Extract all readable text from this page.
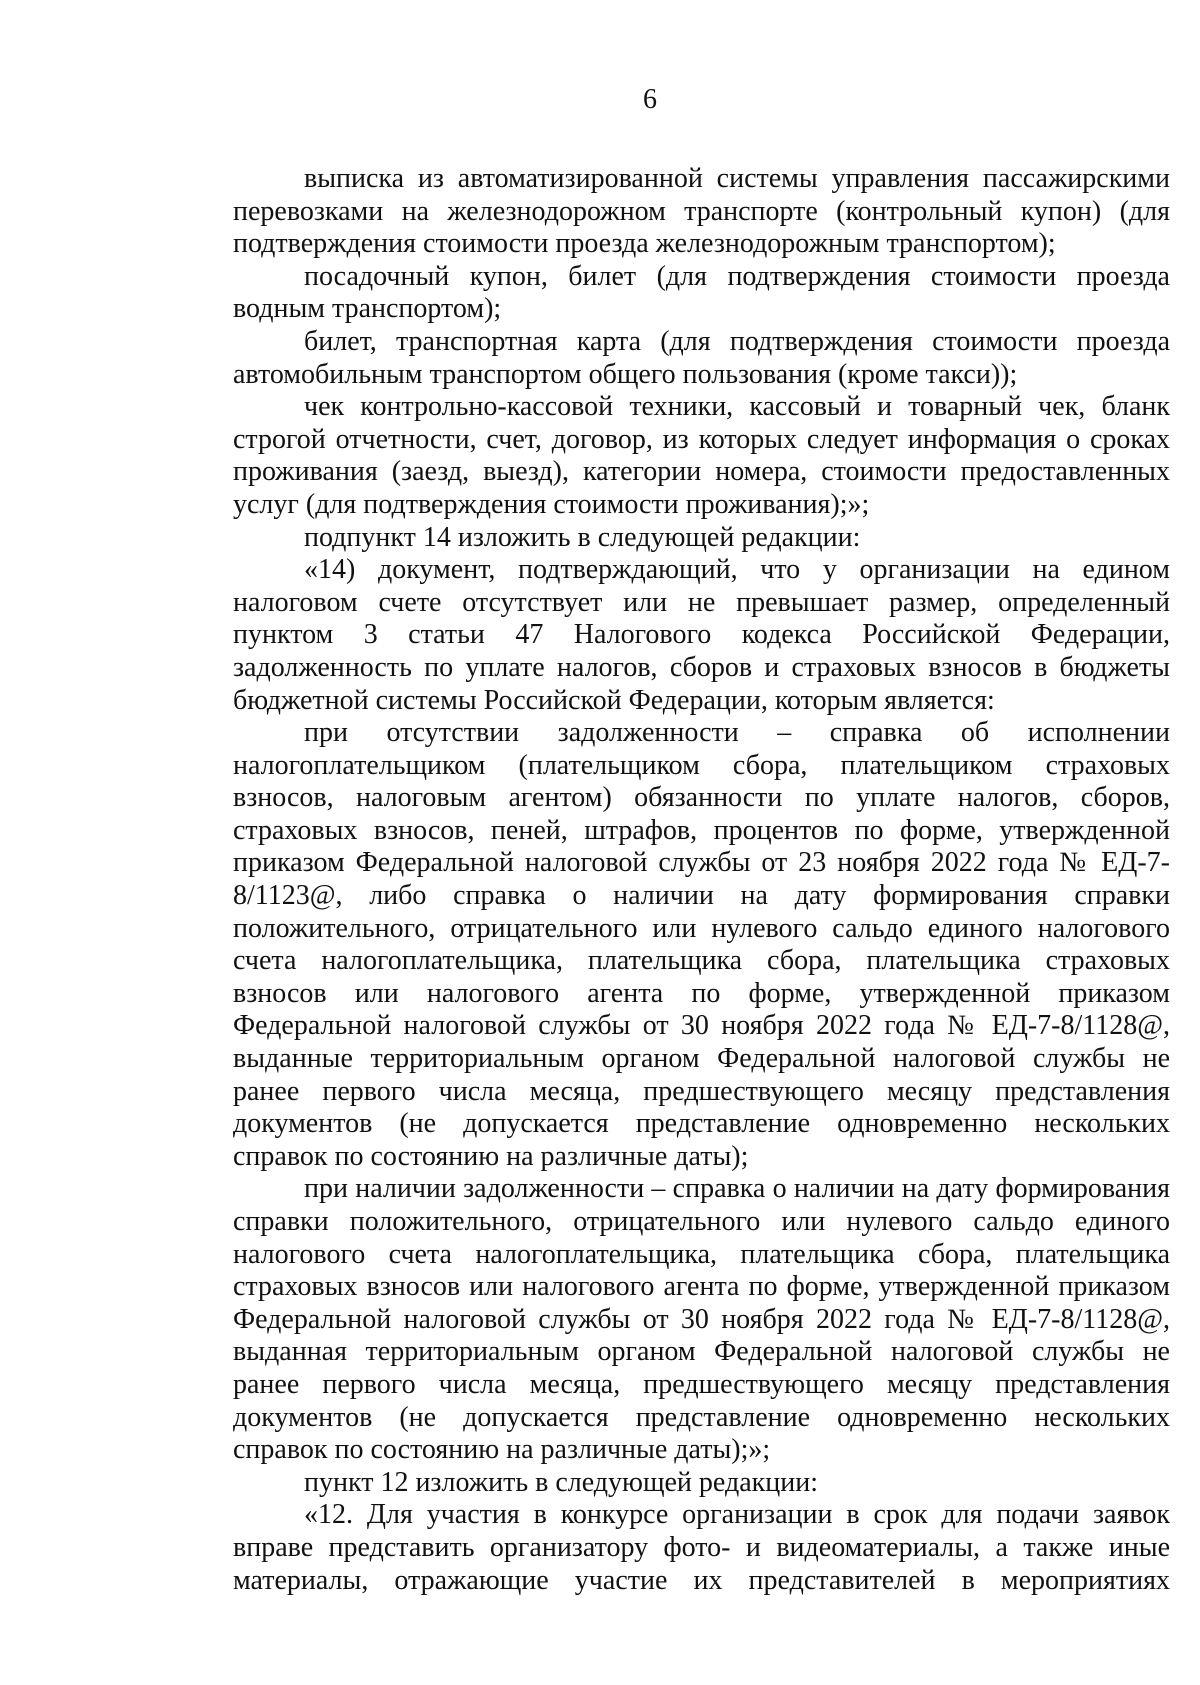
6

выписка из автоматизированной системы управления пассажирскими перевозками на железнодорожном транспорте (контрольный купон) (для подтверждения стоимости проезда железнодорожным транспортом);

посадочный купон, билет (для подтверждения стоимости проезда водным транспортом);

билет, транспортная карта (для подтверждения стоимости проезда автомобильным транспортом общего пользования (кроме такси));

чек контрольно-кассовой техники, кассовый и товарный чек, бланк строгой отчетности, счет, договор, из которых следует информация о сроках проживания (заезд, выезд), категории номера, стоимости предоставленных услуг (для подтверждения стоимости проживания);»;

подпункт 14 изложить в следующей редакции:

«14) документ, подтверждающий, что у организации на едином налоговом счете отсутствует или не превышает размер, определенный пунктом 3 статьи 47 Налогового кодекса Российской Федерации, задолженность по уплате налогов, сборов и страховых взносов в бюджеты бюджетной системы Российской Федерации, которым является:

при отсутствии задолженности – справка об исполнении налогоплательщиком (плательщиком сбора, плательщиком страховых взносов, налоговым агентом) обязанности по уплате налогов, сборов, страховых взносов, пеней, штрафов, процентов по форме, утвержденной приказом Федеральной налоговой службы от 23 ноября 2022 года № ЕД-7-8/1123@, либо справка о наличии на дату формирования справки положительного, отрицательного или нулевого сальдо единого налогового счета налогоплательщика, плательщика сбора, плательщика страховых взносов или налогового агента по форме, утвержденной приказом Федеральной налоговой службы от 30 ноября 2022 года № ЕД-7-8/1128@, выданные территориальным органом Федеральной налоговой службы не ранее первого числа месяца, предшествующего месяцу представления документов (не допускается представление одновременно нескольких справок по состоянию на различные даты);

при наличии задолженности – справка о наличии на дату формирования справки положительного, отрицательного или нулевого сальдо единого налогового счета налогоплательщика, плательщика сбора, плательщика страховых взносов или налогового агента по форме, утвержденной приказом Федеральной налоговой службы от 30 ноября 2022 года № ЕД-7-8/1128@, выданная территориальным органом Федеральной налоговой службы не ранее первого числа месяца, предшествующего месяцу представления документов (не допускается представление одновременно нескольких справок по состоянию на различные даты);»;

пункт 12 изложить в следующей редакции:

«12. Для участия в конкурсе организации в срок для подачи заявок вправе представить организатору фото- и видеоматериалы, а также иные материалы, отражающие участие их представителей в мероприятиях
